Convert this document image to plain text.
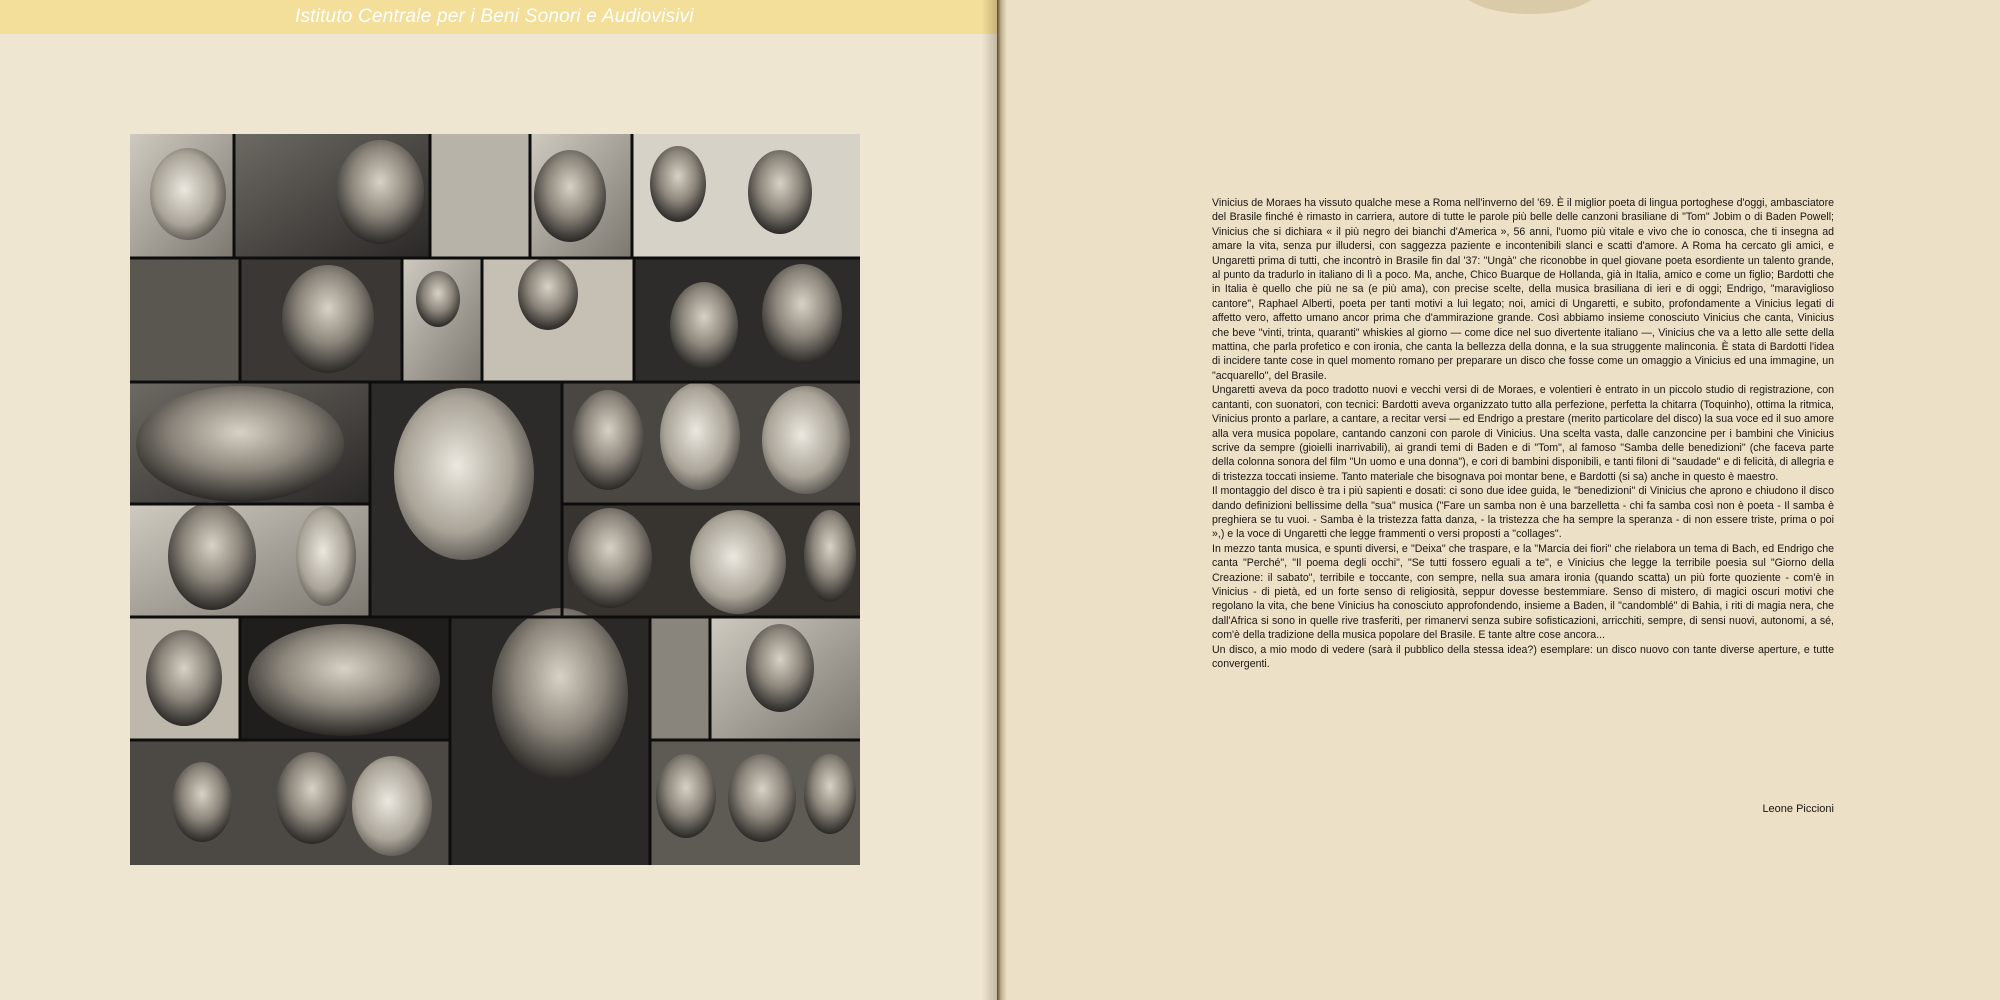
Istituto Centrale per i Beni Sonori e Audiovisivi

Vinicius de Moraes ha vissuto qualche mese a Roma nell'inverno del '69. È il miglior poeta di lingua portoghese d'oggi, ambasciatore del Brasile finché è rimasto in carriera, autore di tutte le parole più belle delle canzoni brasiliane di "Tom" Jobim o di Baden Powell; Vinicius che si dichiara « il più negro dei bianchi d'America », 56 anni, l'uomo più vitale e vivo che io conosca, che ti insegna ad amare la vita, senza pur illudersi, con saggezza paziente e incontenibili slanci e scatti d'amore. A Roma ha cercato gli amici, e Ungaretti prima di tutti, che incontrò in Brasile fin dal '37: "Ungà" che riconobbe in quel giovane poeta esordiente un talento grande, al punto da tradurlo in italiano di lì a poco. Ma, anche, Chico Buarque de Hollanda, già in Italia, amico e come un figlio; Bardotti che in Italia è quello che più ne sa (e più ama), con precise scelte, della musica brasiliana di ieri e di oggi; Endrigo, "maraviglioso cantore", Raphael Alberti, poeta per tanti motivi a lui legato; noi, amici di Ungaretti, e subito, profondamente a Vinicius legati di affetto vero, affetto umano ancor prima che d'ammirazione grande. Così abbiamo insieme conosciuto Vinicius che canta, Vinicius che beve "vinti, trinta, quaranti" whiskies al giorno — come dice nel suo divertente italiano —, Vinicius che va a letto alle sette della mattina, che parla profetico e con ironia, che canta la bellezza della donna, e la sua struggente malinconia. È stata di Bardotti l'idea di incidere tante cose in quel momento romano per preparare un disco che fosse come un omaggio a Vinicius ed una immagine, un "acquarello", del Brasile.

Ungaretti aveva da poco tradotto nuovi e vecchi versi di de Moraes, e volentieri è entrato in un piccolo studio di registrazione, con cantanti, con suonatori, con tecnici: Bardotti aveva organizzato tutto alla perfezione, perfetta la chitarra (Toquinho), ottima la ritmica, Vinicius pronto a parlare, a cantare, a recitar versi — ed Endrigo a prestare (merito particolare del disco) la sua voce ed il suo amore alla vera musica popolare, cantando canzoni con parole di Vinicius. Una scelta vasta, dalle canzoncine per i bambini che Vinicius scrive da sempre (gioielli inarrivabili), ai grandi temi di Baden e di "Tom", al famoso "Samba delle benedizioni" (che faceva parte della colonna sonora del film "Un uomo e una donna"), e cori di bambini disponibili, e tanti filoni di "saudade" e di felicità, di allegria e di tristezza toccati insieme. Tanto materiale che bisognava poi montar bene, e Bardotti (si sa) anche in questo è maestro.

Il montaggio del disco è tra i più sapienti e dosati: ci sono due idee guida, le "benedizioni" di Vinicius che aprono e chiudono il disco dando definizioni bellissime della "sua" musica ("Fare un samba non è una barzelletta - chi fa samba così non è poeta - Il samba è preghiera se tu vuoi. - Samba è la tristezza fatta danza, - la tristezza che ha sempre la speranza - di non essere triste, prima o poi »,) e la voce di Ungaretti che legge frammenti o versi proposti a "collages".

In mezzo tanta musica, e spunti diversi, e "Deixa" che traspare, e la "Marcia dei fiori" che rielabora un tema di Bach, ed Endrigo che canta "Perché", "Il poema degli occhi", "Se tutti fossero eguali a te", e Vinicius che legge la terribile poesia sul "Giorno della Creazione: il sabato", terribile e toccante, con sempre, nella sua amara ironia (quando scatta) un più forte quoziente - com'è in Vinicius - di pietà, ed un forte senso di religiosità, seppur dovesse bestemmiare. Senso di mistero, di magici oscuri motivi che regolano la vita, che bene Vinicius ha conosciuto approfondendo, insieme a Baden, il "candomblé" di Bahia, i riti di magia nera, che dall'Africa si sono in quelle rive trasferiti, per rimanervi senza subire sofisticazioni, arricchiti, sempre, di sensi nuovi, autonomi, a sé, com'è della tradizione della musica popolare del Brasile. E tante altre cose ancora...

Un disco, a mio modo di vedere (sarà il pubblico della stessa idea?) esemplare: un disco nuovo con tante diverse aperture, e tutte convergenti.

Leone Piccioni
